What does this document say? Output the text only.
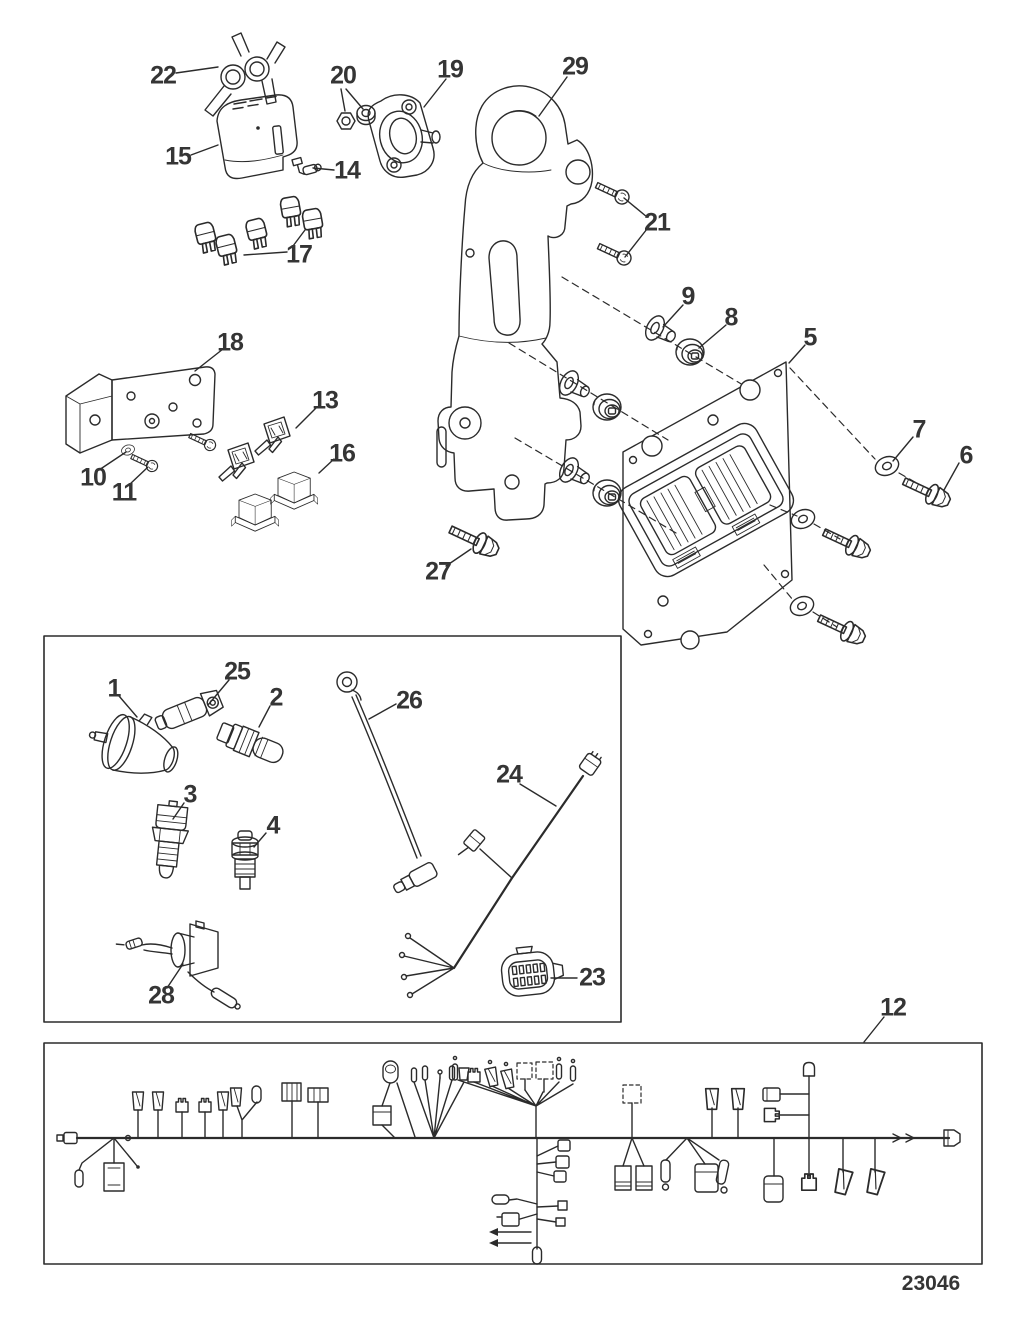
22
15
20	19	29
21
14
17
18
10
11
13
16
27
9
8
5
7
6
1
25
2
3
4
28
26
24
23
12
23046
